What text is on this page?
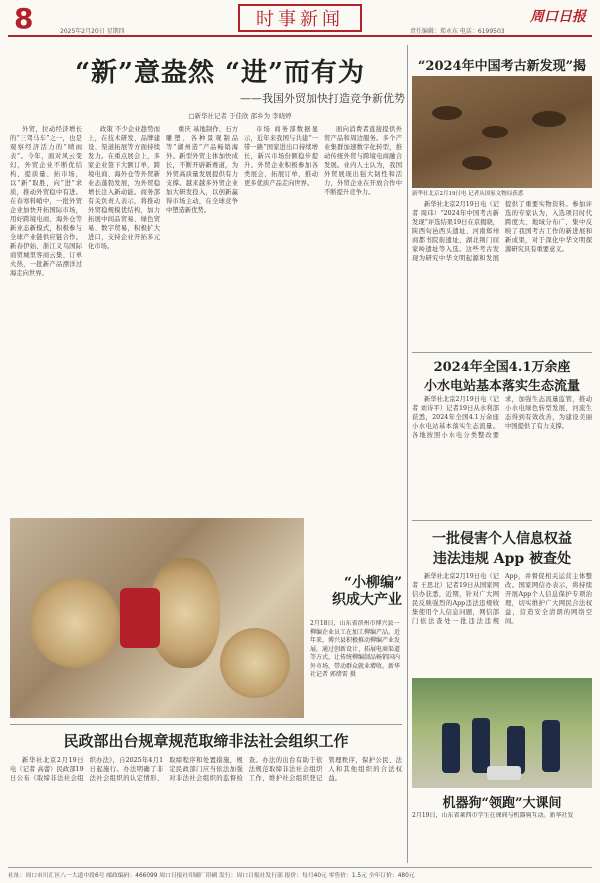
8	2025年2月20日 星期四
时事新闻
责任编辑：郑永东 电话：6199503
周口日报
“新”意盎然 “进”而有为
——我国外贸加快打造竞争新优势
□新华社记者 于佳欣 邵乡为 李晓婷

外贸，拉动经济增长的“三驾马车”之一，也是观察经济活力的“晴雨表”。今年，面对风云变幻，外贸企业不断优结构、提质量、拓市场，以“新”取胜，向“进”求质，推动外贸稳中有进。在春寒料峭中，一批外贸企业加快开拓国际市场，用好跨境电商、海外仓等新业态新模式，积极参与全球产业链供应链合作。新春伊始，浙江义乌国际商贸城里客商云集、订单火热，一批新产品漂洋过海走向世界。

政策 不少企业趁势而上，在技术研发、品牌建设、渠道拓展等方面持续发力。在重点展会上，多家企业签下大额订单，跨境电商、海外仓等外贸新业态蓬勃发展，为外贸稳增长注入新动能。商务部有关负责人表示，将推动外贸稳规模优结构，加力拓展中间品贸易、绿色贸易、数字贸易，积极扩大进口，支持企业开拓多元化市场。

重庆 基地制作、石方雕塑、各种景观制品等“湖州造”产品畅销海外。新型外贸主体加快成长，不断开辟新赛道，为外贸高质量发展提供有力支撑。越来越多外贸企业加大研发投入，以创新赢得市场主动，在全球竞争中塑造新优势。

市场 商务部数据显示，近年来我国与共建“一带一路”国家进出口持续增长，新兴市场份额稳步提升。外贸企业积极参加各类展会，拓展订单，推动更多优质产品走向世界。

面向消费者直接提供外贸产品和周边服务。多个产业集群加速数字化转型，推动传统外贸与跨境电商融合发展。业内人士认为，我国外贸展现出强大韧性和活力，外贸企业在开放合作中不断提升竞争力。

“小柳编”
织成大产业
2月18日，山东省滨州市博兴县一柳编企业员工在加工柳编产品。近年来，博兴县积极推动柳编产业发展，通过创新设计、拓展电商渠道等方式，让传统柳编制品畅销国内外市场，带动群众就业增收。新华社记者 郭绪雷 摄
民政部出台规章规范取缔非法社会组织工作

新华社北京2月19日电（记者 高蕾）民政部19日公布《取缔非法社会组织办法》，自2025年4月1日起施行。办法明确了非法社会组织的认定情形、取缔程序和处置措施，规定民政部门应当依法加强对非法社会组织的监督检查。办法的出台有助于依法规范取缔非法社会组织工作，维护社会组织登记管理秩序，保护公民、法人和其他组织的合法权益。

“2024年中国考古新发现”揭
新华社北京2月19日电 记者从国家文物局获悉

新华社北京2月19日电（记者 周玮）“2024年中国考古新发现”评选结果19日在京揭晓，陕西旬邑西头遗址、河南郑州商都书院街遗址、湖北荆门屈家岭遗址等入选。这些考古发现为研究中华文明起源和发展提供了重要实物资料。参加评选的专家认为，入选项目时代跨度大、地域分布广，集中反映了我国考古工作的新进展和新成果，对于深化中华文明探源研究具有重要意义。

2024年全国4.1万余座
小水电站基本落实生态流量

新华社北京2月19日电（记者 刘诗平）记者19日从水利部获悉，2024年全国4.1万余座小水电站基本落实生态流量。各地按照小水电分类整改要求，加强生态流量监管，推动小水电绿色转型发展，河流生态得到有效改善，为建设美丽中国提供了有力支撑。

一批侵害个人信息权益
违法违规 App 被查处

新华社北京2月19日电（记者 王思北）记者19日从国家网信办获悉，近期，针对广大网民反映强烈的App违法违规收集使用个人信息问题，网信部门依法查处一批违法违规App，并督促相关运营主体整改。国家网信办表示，将持续开展App个人信息保护专项治理，切实维护广大网民合法权益，营造安全清朗的网络空间。

机器狗“领跑”大课间
2月19日，山东省莱西市学生在课间与机器狗互动。新华社发
社址：周口市川汇区八一大道中段6号 邮政编码：466099 周口日报社印刷厂印刷 发行：周口日报社发行部 报价：每月40元 零售价：1.5元 全年订价：480元
